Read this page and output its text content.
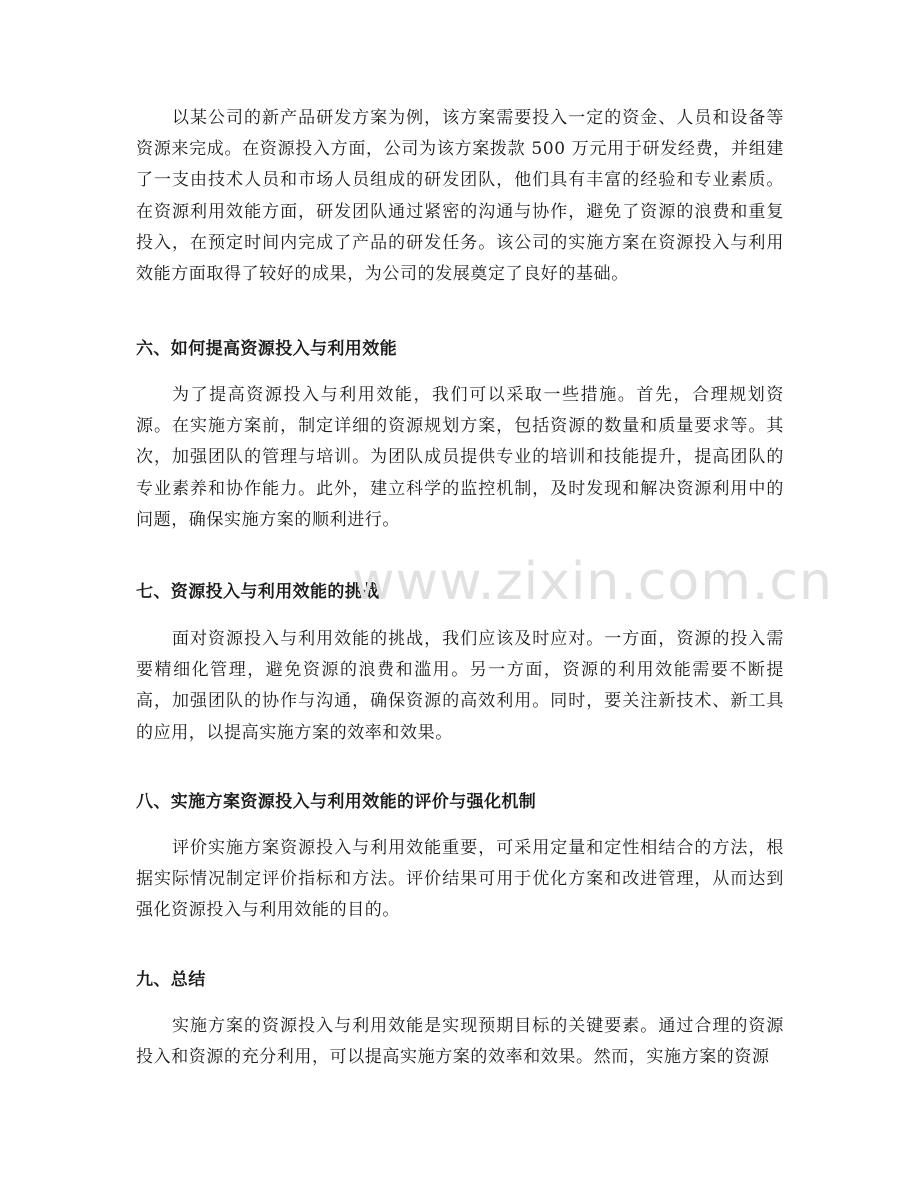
以某公司的新产品研发方案为例，该方案需要投入一定的资金、人员和设备等资源来完成。在资源投入方面，公司为该方案拨款 500 万元用于研发经费，并组建了一支由技术人员和市场人员组成的研发团队，他们具有丰富的经验和专业素质。在资源利用效能方面，研发团队通过紧密的沟通与协作，避免了资源的浪费和重复投入，在预定时间内完成了产品的研发任务。该公司的实施方案在资源投入与利用效能方面取得了较好的成果，为公司的发展奠定了良好的基础。

六、如何提高资源投入与利用效能

为了提高资源投入与利用效能，我们可以采取一些措施。首先，合理规划资源。在实施方案前，制定详细的资源规划方案，包括资源的数量和质量要求等。其次，加强团队的管理与培训。为团队成员提供专业的培训和技能提升，提高团队的专业素养和协作能力。此外，建立科学的监控机制，及时发现和解决资源利用中的问题，确保实施方案的顺利进行。

七、资源投入与利用效能的挑战

面对资源投入与利用效能的挑战，我们应该及时应对。一方面，资源的投入需要精细化管理，避免资源的浪费和滥用。另一方面，资源的利用效能需要不断提高，加强团队的协作与沟通，确保资源的高效利用。同时，要关注新技术、新工具的应用，以提高实施方案的效率和效果。

八、实施方案资源投入与利用效能的评价与强化机制

评价实施方案资源投入与利用效能重要，可采用定量和定性相结合的方法，根据实际情况制定评价指标和方法。评价结果可用于优化方案和改进管理，从而达到强化资源投入与利用效能的目的。

九、总结

实施方案的资源投入与利用效能是实现预期目标的关键要素。通过合理的资源投入和资源的充分利用，可以提高实施方案的效率和效果。然而，实施方案的资源

www.zixin.com.cn
